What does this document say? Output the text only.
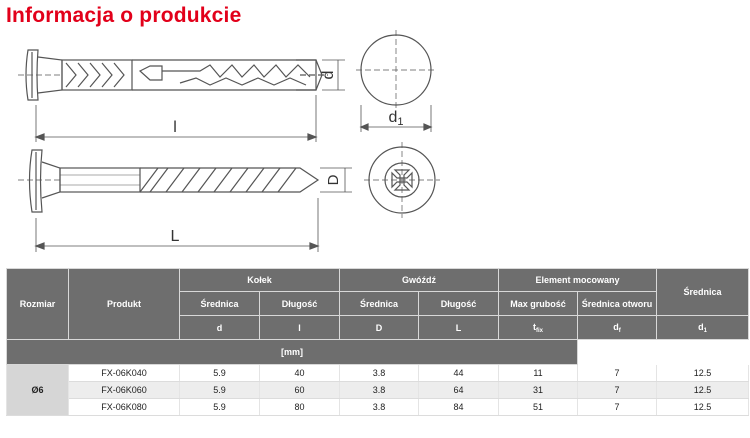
Informacja o produkcie
d
l
d1
D
L
Rozmiar	Produkt	Kołek		Gwóźdź		Element mocowany		Średnica
		Średnica	Długość	Średnica	Długość	Max grubość	Średnica otworu	
		d	l	D	L	$t_{fix}$	$d_f$	$d_1$
[mm]								
Ø6	FX-06K040	5.9	40	3.8	44	11	7	12.5
	FX-06K060	5.9	60	3.8	64	31	7	12.5
	FX-06K080	5.9	80	3.8	84	51	7	12.5
